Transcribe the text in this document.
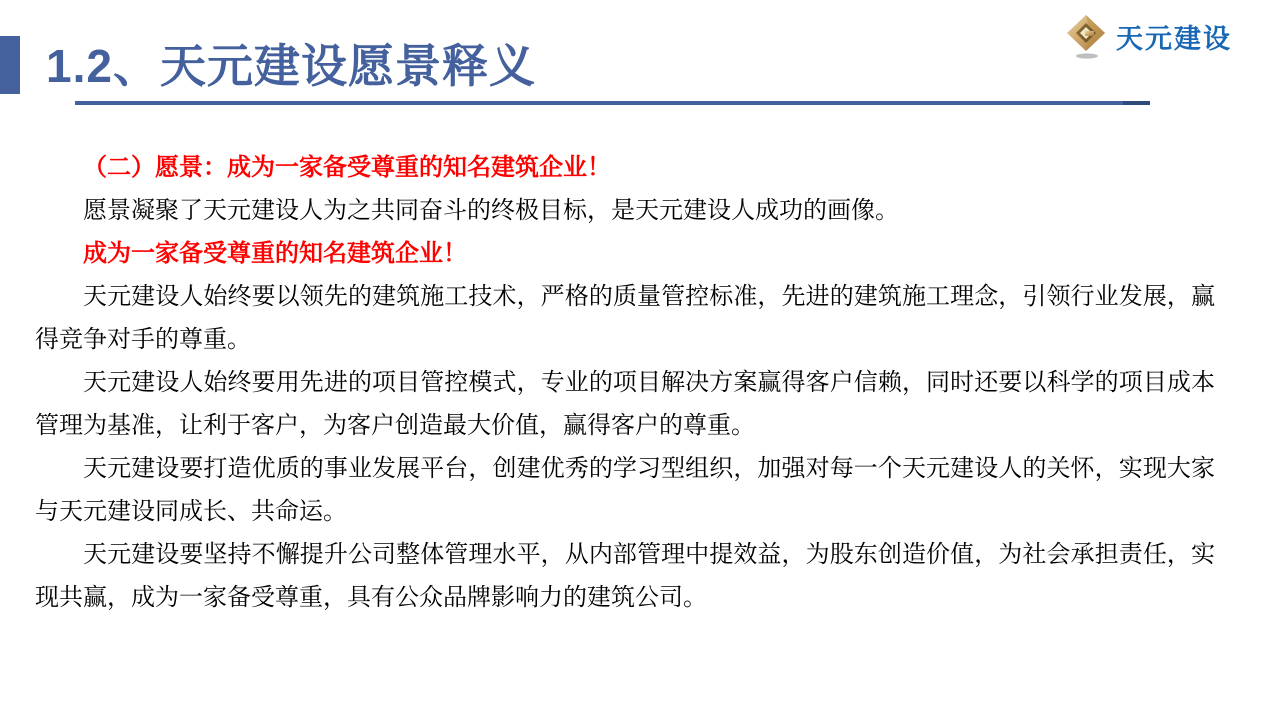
1.2、天元建设愿景释义
天元建设

（二）愿景：成为一家备受尊重的知名建筑企业！

愿景凝聚了天元建设人为之共同奋斗的终极目标，是天元建设人成功的画像。

成为一家备受尊重的知名建筑企业！

天元建设人始终要以领先的建筑施工技术，严格的质量管控标准，先进的建筑施工理念，引领行业发展，赢得竞争对手的尊重。

天元建设人始终要用先进的项目管控模式，专业的项目解决方案赢得客户信赖，同时还要以科学的项目成本管理为基准，让利于客户，为客户创造最大价值，赢得客户的尊重。

天元建设要打造优质的事业发展平台，创建优秀的学习型组织，加强对每一个天元建设人的关怀，实现大家与天元建设同成长、共命运。

天元建设要坚持不懈提升公司整体管理水平，从内部管理中提效益，为股东创造价值，为社会承担责任，实现共赢，成为一家备受尊重，具有公众品牌影响力的建筑公司。
